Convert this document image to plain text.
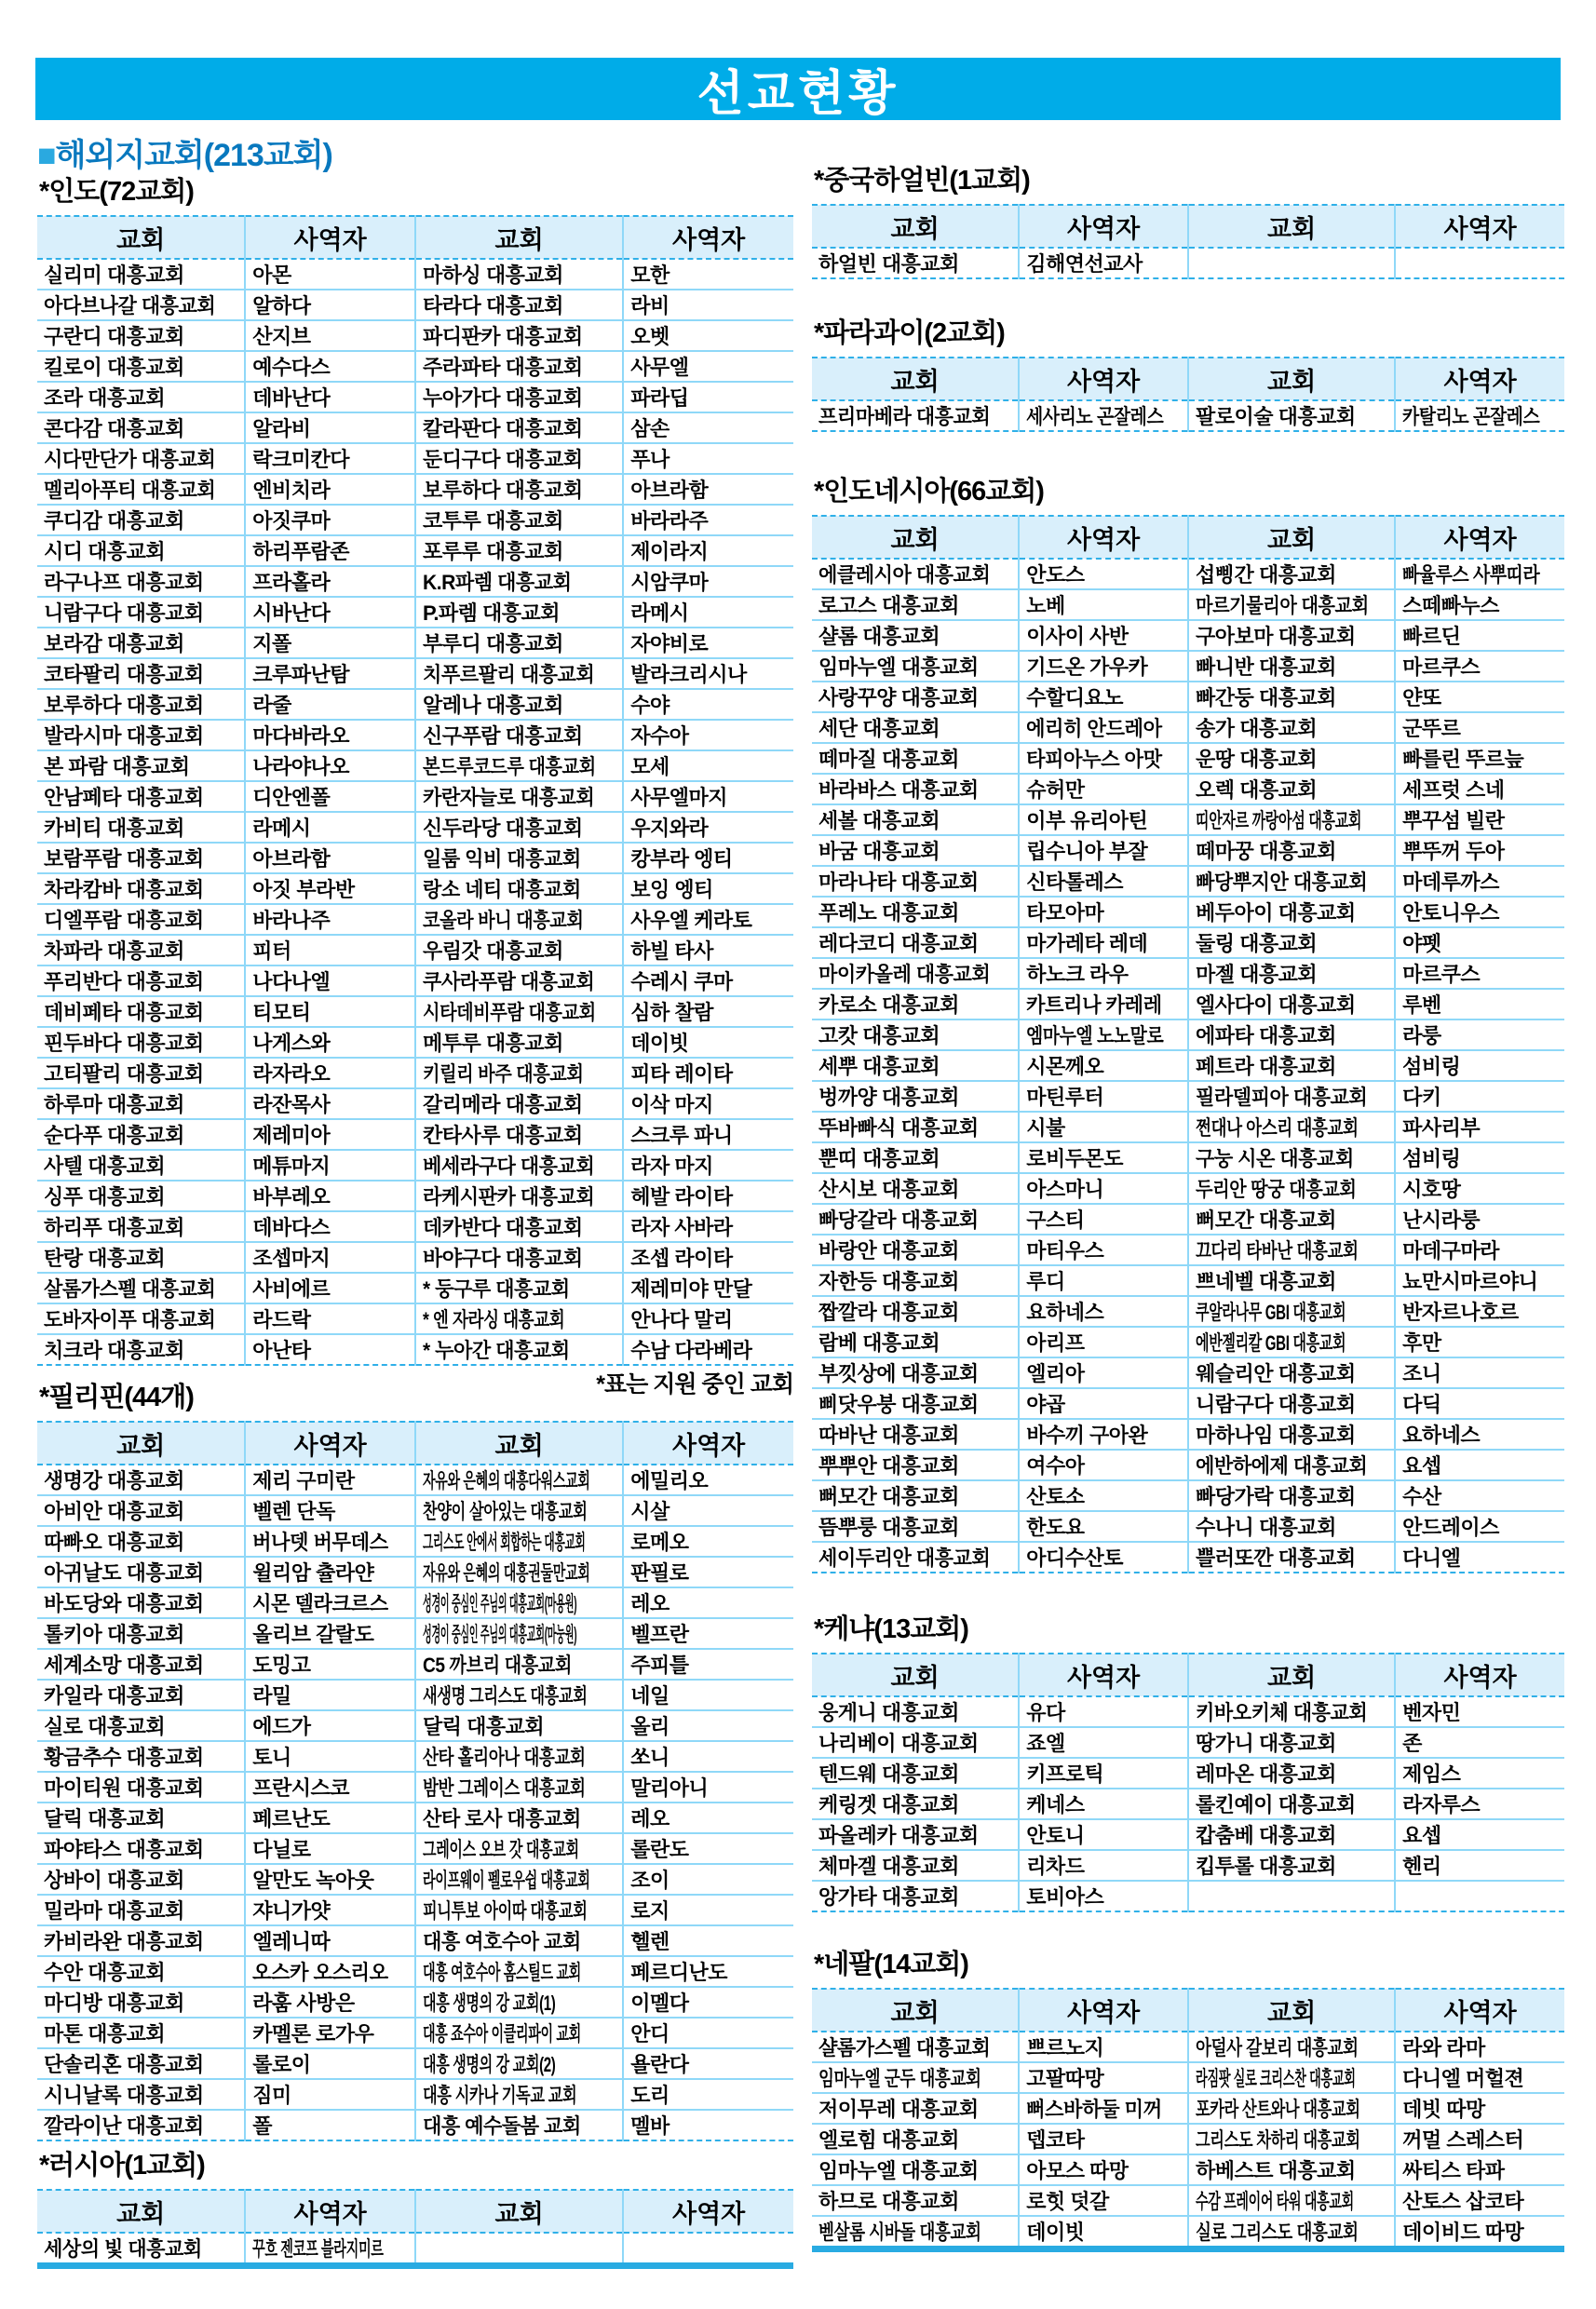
선교현황
■해외지교회(213교회)
*인도(72교회)
교회	사역자	교회	사역자
실리미 대흥교회	아몬	마하싱 대흥교회	모한
아다브나갈 대흥교회	알하다	타라다 대흥교회	라비
구란디 대흥교회	산지브	파디판카 대흥교회	오벳
킬로이 대흥교회	예수다스	주라파타 대흥교회	사무엘
조라 대흥교회	데바난다	누아가다 대흥교회	파라딥
콘다감 대흥교회	알라비	칼라판다 대흥교회	삼손
시다만단가 대흥교회	락크미칸다	둔디구다 대흥교회	푸나
멜리아푸티 대흥교회	엔비치라	보루하다 대흥교회	아브라함
쿠디감 대흥교회	아짓쿠마	코투루 대흥교회	바라라주
시디 대흥교회	하리푸람존	포루루 대흥교회	제이라지
라구나프 대흥교회	프라홀라	K.R파렘 대흥교회	시암쿠마
니람구다 대흥교회	시바난다	P.파렘 대흥교회	라메시
보라감 대흥교회	지폴	부루디 대흥교회	자야비로
코타팔리 대흥교회	크루파난탐	치푸르팔리 대흥교회	발라크리시나
보루하다 대흥교회	라줄	알레나 대흥교회	수야
발라시마 대흥교회	마다바라오	신구푸람 대흥교회	자수아
본 파람 대흥교회	나라야나오	본드루코드루 대흥교회	모세
안남페타 대흥교회	디안엔폴	카란자늘로 대흥교회	사무엘마지
카비티 대흥교회	라메시	신두라당 대흥교회	우지와라
보람푸람 대흥교회	아브라함	일룸 익비 대흥교회	캉부라 엥티
차라캄바 대흥교회	아짓 부라반	랑소 네티 대흥교회	보잉 엥티
디엘푸람 대흥교회	바라나주	코올라 바니 대흥교회	사우엘 케라토
차파라 대흥교회	피터	우림갓 대흥교회	하빌 타사
푸리반다 대흥교회	나다나엘	쿠사라푸람 대흥교회	수레시 쿠마
데비페타 대흥교회	티모티	시타데비푸람 대흥교회	심하 찰람
핀두바다 대흥교회	나게스와	메투루 대흥교회	데이빗
고티팔리 대흥교회	라자라오	키릴리 바주 대흥교회	피타 레이타
하루마 대흥교회	라잔목사	갈리메라 대흥교회	이삭 마지
순다푸 대흥교회	제레미아	칸타사루 대흥교회	스크루 파니
사텔 대흥교회	메튜마지	베세라구다 대흥교회	라자 마지
싱푸 대흥교회	바부레오	라케시판카 대흥교회	헤발 라이타
하리푸 대흥교회	데바다스	데카반다 대흥교회	라자 사바라
탄랑 대흥교회	조셉마지	바야구다 대흥교회	조셉 라이타
살롬가스펠 대흥교회	사비에르	* 둥구루 대흥교회	제레미야 만달
도바자이푸 대흥교회	라드락	* 엔 자라싱 대흥교회	안나다 말리
치크라 대흥교회	아난타	* 누아간 대흥교회	수남 다라베라
*표는 지원 중인 교회
*필리핀(44개)
교회	사역자	교회	사역자
생명강 대흥교회	제리 구미란	자유와 은혜의 대흥다워스교회	에밀리오
아비안 대흥교회	벨렌 단독	찬양이 살아있는 대흥교회	시살
따빠오 대흥교회	버나뎃 버무데스	그리스도 안에서 회합하는 대흥교회	로메오
아귀날도 대흥교회	윌리암 츌라얀	자유와 은혜의 대흥권둘만교회	판필로
바도당와 대흥교회	시몬 델라크르스	성경이 중심인 주님의 대흥교회(마용원)	레오
톨키아 대흥교회	올리브 갈랄도	성경이 중심인 주님의 대흥교회(마눙원)	벨프란
세계소망 대흥교회	도밍고	C5 까브리 대흥교회	주피틀
카일라 대흥교회	라밀	새생명 그리스도 대흥교회	네일
실로 대흥교회	에드가	달릭 대흥교회	올리
황금추수 대흥교회	토니	산타 홀리아나 대흥교회	쏘니
마이티원 대흥교회	프란시스코	밤반 그레이스 대흥교회	말리아니
달릭 대흥교회	페르난도	산타 로사 대흥교회	레오
파야타스 대흥교회	다닐로	그레이스 오브 갓 대흥교회	롤란도
상바이 대흥교회	알만도 녹아웃	라이프웨이 펠로우쉽 대흥교회	조이
밀라마 대흥교회	쟈니가얏	피니투보 아이따 대흥교회	로지
카비라완 대흥교회	엘레니따	대흥 여호수아 교회	헬렌
수안 대흥교회	오스카 오스리오	대흥 여호수아 홈스틸드 교회	페르디난도
마디방 대흥교회	라훔 사방은	대흥 생명의 강 교회(1)	이멜다
마톤 대흥교회	카멜론 로가우	대흥 죠수아 이클리파이 교회	안디
단솔리혼 대흥교회	롤로이	대흥 생명의 강 교회(2)	욜란다
시니날록 대흥교회	짐미	대흥 시카나 기독교 교회	도리
깔라이난 대흥교회	폴	대흥 예수돌봄 교회	멜바
*러시아(1교회)
교회	사역자	교회	사역자
세상의 빛 대흥교회	꾸흐 젠코프 블라지미르		
*중국하얼빈(1교회)
교회	사역자	교회	사역자
하얼빈 대흥교회	김해연선교사		
*파라과이(2교회)
교회	사역자	교회	사역자
프리마베라 대흥교회	세사리노 곤잘레스	팔로이술 대흥교회	카탈리노 곤잘레스
*인도네시아(66교회)
교회	사역자	교회	사역자
에클레시아 대흥교회	안도스	섭삥간 대흥교회	빠율루스 사뿌띠라
로고스 대흥교회	노베	마르기물리아 대흥교회	스떼빠누스
샬롬 대흥교회	이사이 사반	구아보마 대흥교회	빠르딘
임마누엘 대흥교회	기드온 가우카	빠니반 대흥교회	마르쿠스
사랑꾸양 대흥교회	수할디요노	빠간둥 대흥교회	얀또
세단 대흥교회	에리히 안드레아	송가 대흥교회	군뚜르
떼마질 대흥교회	타피아누스 아맛	운땅 대흥교회	빠를린 뚜르늪
바라바스 대흥교회	슈허만	오렉 대흥교회	세프럿 스네
세볼 대흥교회	이부 유리아틴	띠안자르 까랑아섬 대흥교회	뿌꾸섬 빌란
바굼 대흥교회	립수니아 부잘	떼마꿍 대흥교회	뿌뚜꺼 두아
마라나타 대흥교회	신타톨레스	빠당뿌지안 대흥교회	마데루까스
푸레노 대흥교회	타모아마	베두아이 대흥교회	안토니우스
레다코디 대흥교회	마가레타 레데	둘링 대흥교회	야펫
마이카올레 대흥교회	하노크 라우	마젤 대흥교회	마르쿠스
카로소 대흥교회	카트리나 카레레	엘사다이 대흥교회	루벤
고캇 대흥교회	엠마누엘 노노말로	에파타 대흥교회	라룽
세뿌 대흥교회	시몬께오	페트라 대흥교회	섬비링
벙까양 대흥교회	마틴루터	필라델피아 대흥교회	다키
뚜바빠식 대흥교회	시불	쩐대나 아스리 대흥교회	파사리부
뿐띠 대흥교회	로비두몬도	구눙 시온 대흥교회	섬비링
산시보 대흥교회	아스마니	두리안 땅궁 대흥교회	시호땅
빠당갈라 대흥교회	구스티	뻐모간 대흥교회	난시라룽
바랑안 대흥교회	마티우스	끄다리 타바난 대흥교회	마데구마라
자한등 대흥교회	루디	쁘네벨 대흥교회	뇨만시마르야니
짭깔라 대흥교회	요하네스	쿠알라나무 GBI 대흥교회	반자르나호르
람베 대흥교회	아리프	에반젤리칼 GBI 대흥교회	후만
부낏상에 대흥교회	엘리아	웨슬리안 대흥교회	조니
삐닷우붕 대흥교회	야곱	니람구다 대흥교회	다딕
따바난 대흥교회	바수끼 구아완	마하나임 대흥교회	요하네스
뿌뿌안 대흥교회	여수아	에반하에제 대흥교회	요셉
뻐모간 대흥교회	산토소	빠당가락 대흥교회	수산
뜸뿌룽 대흥교회	한도요	수나니 대흥교회	안드레이스
세이두리안 대흥교회	아디수산토	쁠러또깐 대흥교회	다니엘
*케냐(13교회)
교회	사역자	교회	사역자
웅게니 대흥교회	유다	키바오키체 대흥교회	벤자민
나리베이 대흥교회	죠엘	땅가니 대흥교회	존
텐드웨 대흥교회	키프로틱	레마온 대흥교회	제임스
케링겟 대흥교회	케네스	롤킨예이 대흥교회	라자루스
파올레카 대흥교회	안토니	캅춤베 대흥교회	요셉
체마겔 대흥교회	리차드	킵투롤 대흥교회	헨리
앙가타 대흥교회	토비아스		
*네팔(14교회)
교회	사역자	교회	사역자
샬롬가스펠 대흥교회	쁘르노지	아덜사 갈보리 대흥교회	라와 라마
임마누엘 군두 대흥교회	고팔따망	라짐팟 실로 크리스찬 대흥교회	다니엘 머헐젼
저이무레 대흥교회	뻐스바하둘 미꺼	포카라 산트와나 대흥교회	데빗 따망
엘로힘 대흥교회	뎁코타	그리스도 차하리 대흥교회	꺼멀 스레스터
임마누엘 대흥교회	아모스 따망	하베스트 대흥교회	싸티스 타파
하므로 대흥교회	로힛 덧갈	수감 프레이어 타워 대흥교회	산토스 삽코타
벧살롬 시바돌 대흥교회	데이빗	실로 그리스도 대흥교회	데이비드 따망
